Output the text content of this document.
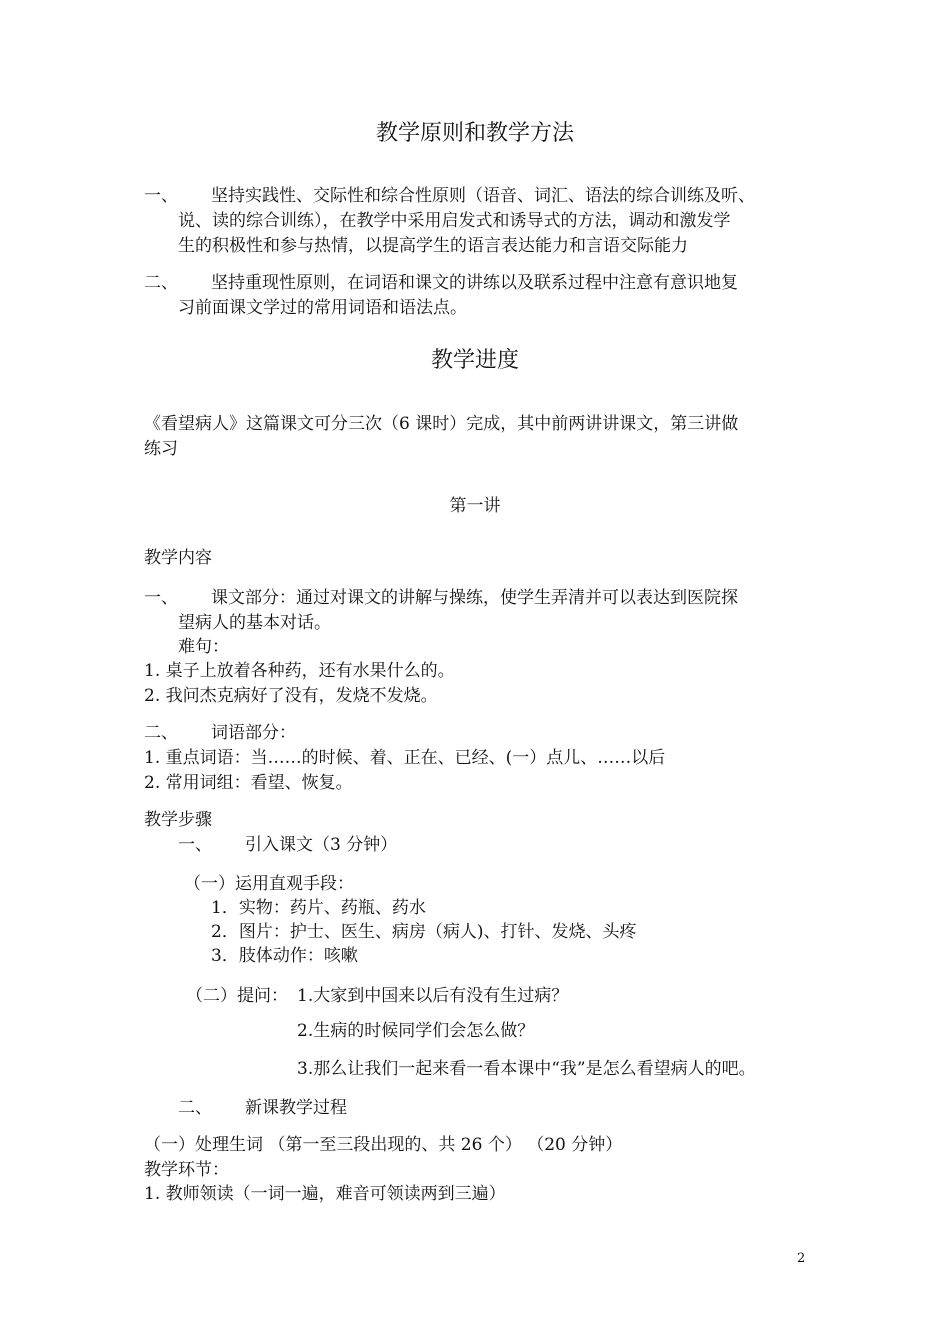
教学原则和教学方法
一、 坚持实践性、交际性和综合性原则（语音、词汇、语法的综合训练及听、
说、读的综合训练），在教学中采用启发式和诱导式的方法，调动和激发学
生的积极性和参与热情，以提高学生的语言表达能力和言语交际能力
二、 坚持重现性原则，在词语和课文的讲练以及联系过程中注意有意识地复
习前面课文学过的常用词语和语法点。
教学进度
《看望病人》这篇课文可分三次（6 课时）完成，其中前两讲讲课文，第三讲做
练习
第一讲
教学内容
一、 课文部分：通过对课文的讲解与操练，使学生弄清并可以表达到医院探
望病人的基本对话。
难句：
1. 桌子上放着各种药，还有水果什么的。
2. 我问杰克病好了没有，发烧不发烧。
二、 词语部分：
1. 重点词语：当……的时候、着、正在、已经、(一）点儿、……以后
2. 常用词组：看望、恢复。
教学步骤
一、 引入课文（3 分钟）
（一）运用直观手段：
1．实物：药片、药瓶、药水
2．图片：护士、医生、病房（病人)、打针、发烧、头疼
3．肢体动作：咳嗽
（二）提问： 1.大家到中国来以后有没有生过病？
2.生病的时候同学们会怎么做？
3.那么让我们一起来看一看本课中“我”是怎么看望病人的吧。
二、 新课教学过程
（一）处理生词 （第一至三段出现的、共 26 个） （20 分钟）
教学环节：
1. 教师领读（一词一遍，难音可领读两到三遍）
2
